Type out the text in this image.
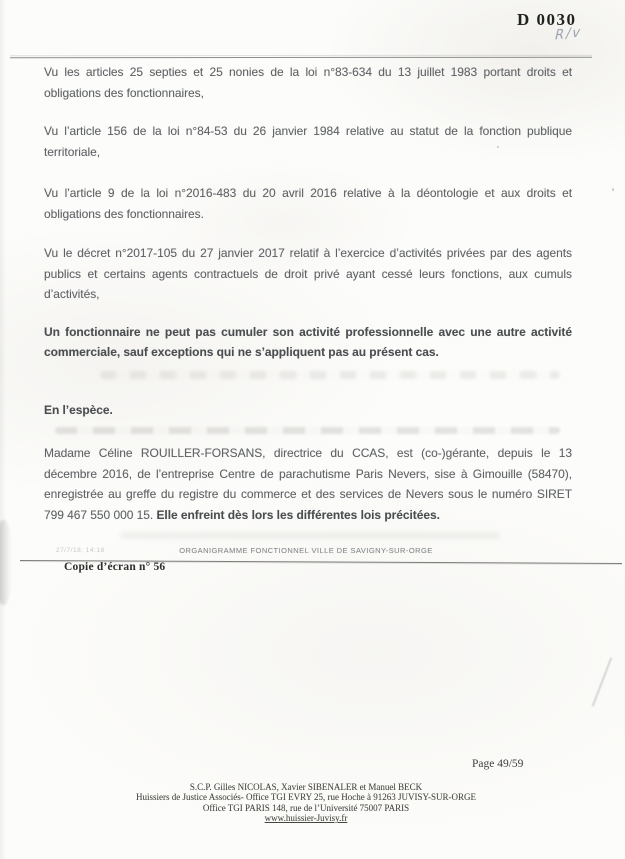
D 0030
R/v

Vu les articles 25 septies et 25 nonies de la loi n°83-634 du 13 juillet 1983 portant droits et obligations des fonctionnaires,

Vu l’article 156 de la loi n°84-53 du 26 janvier 1984 relative au statut de la fonction publique territoriale,

Vu l’article 9 de la loi n°2016-483 du 20 avril 2016 relative à la déontologie et aux droits et obligations des fonctionnaires.

Vu le décret n°2017-105 du 27 janvier 2017 relatif à l’exercice d’activités privées par des agents publics et certains agents contractuels de droit privé ayant cessé leurs fonctions, aux cumuls d’activités,

Un fonctionnaire ne peut pas cumuler son activité professionnelle avec une autre activité commerciale, sauf exceptions qui ne s’appliquent pas au présent cas.

En l’espèce.

Madame Céline ROUILLER-FORSANS, directrice du CCAS, est (co-)gérante, depuis le 13 décembre 2016, de l’entreprise Centre de parachutisme Paris Nevers, sise à Gimouille (58470), enregistrée au greffe du registre du commerce et des services de Nevers sous le numéro SIRET 799 467 550 000 15. Elle enfreint dès lors les différentes lois précitées.

27/7/18, 14:18	ORGANIGRAMME FONCTIONNEL VILLE DE SAVIGNY-SUR-ORGE
Copie d’écran n° 56
Page 49/59
S.C.P. Gilles NICOLAS, Xavier SIBENALER et Manuel BECK
Huissiers de Justice Associés- Office TGI EVRY 25, rue Hoche à 91263 JUVISY-SUR-ORGE
Office TGI PARIS 148, rue de l’Université 75007 PARIS
www.huissier-Juvisy.fr
